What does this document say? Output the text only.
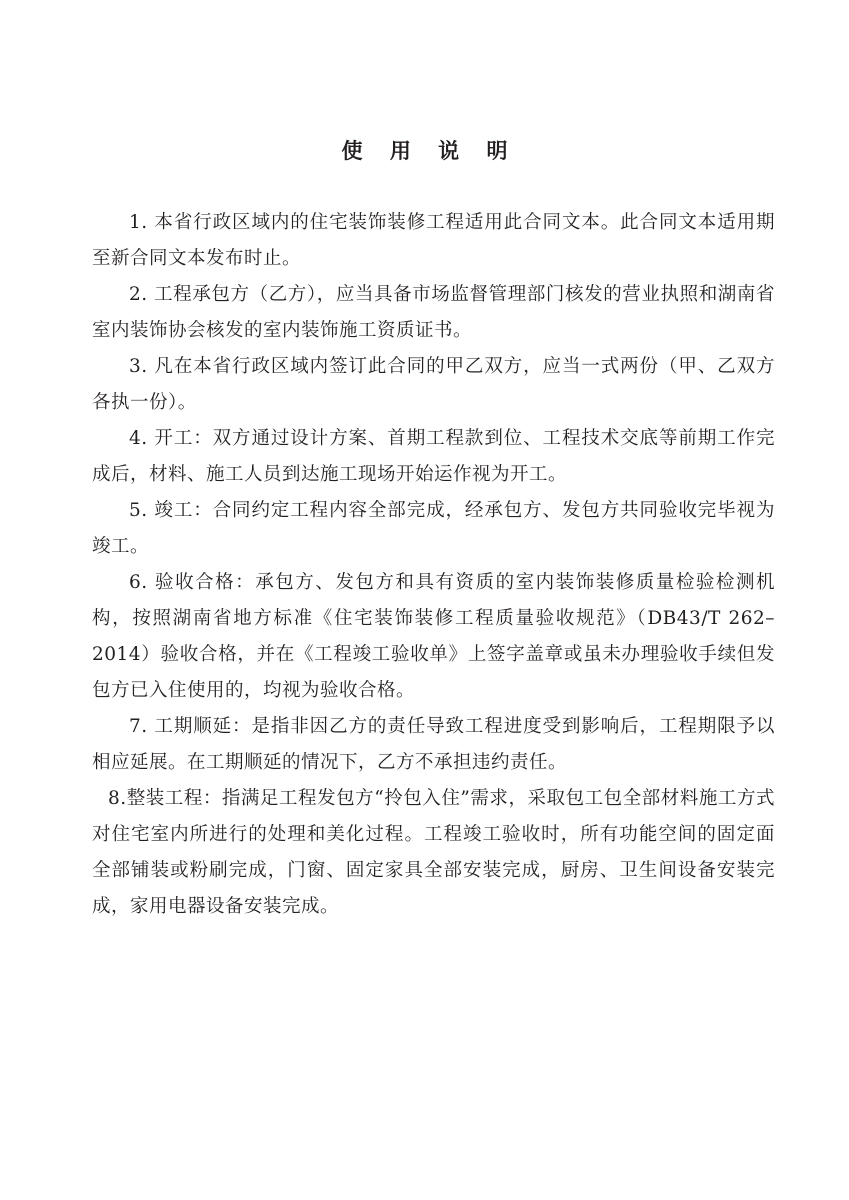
使 用 说 明

1. 本省行政区域内的住宅装饰装修工程适用此合同文本。此合同文本适用期至新合同文本发布时止。

2. 工程承包方（乙方），应当具备市场监督管理部门核发的营业执照和湖南省室内装饰协会核发的室内装饰施工资质证书。

3. 凡在本省行政区域内签订此合同的甲乙双方，应当一式两份（甲、乙双方各执一份）。

4. 开工：双方通过设计方案、首期工程款到位、工程技术交底等前期工作完成后，材料、施工人员到达施工现场开始运作视为开工。

5. 竣工：合同约定工程内容全部完成，经承包方、发包方共同验收完毕视为竣工。

6. 验收合格：承包方、发包方和具有资质的室内装饰装修质量检验检测机构，按照湖南省地方标准《住宅装饰装修工程质量验收规范》（DB43/T 262–2014）验收合格，并在《工程竣工验收单》上签字盖章或虽未办理验收手续但发包方已入住使用的，均视为验收合格。

7. 工期顺延：是指非因乙方的责任导致工程进度受到影响后，工程期限予以相应延展。在工期顺延的情况下，乙方不承担违约责任。

8.整装工程：指满足工程发包方“拎包入住”需求，采取包工包全部材料施工方式对住宅室内所进行的处理和美化过程。工程竣工验收时，所有功能空间的固定面全部铺装或粉刷完成，门窗、固定家具全部安装完成，厨房、卫生间设备安装完成，家用电器设备安装完成。
